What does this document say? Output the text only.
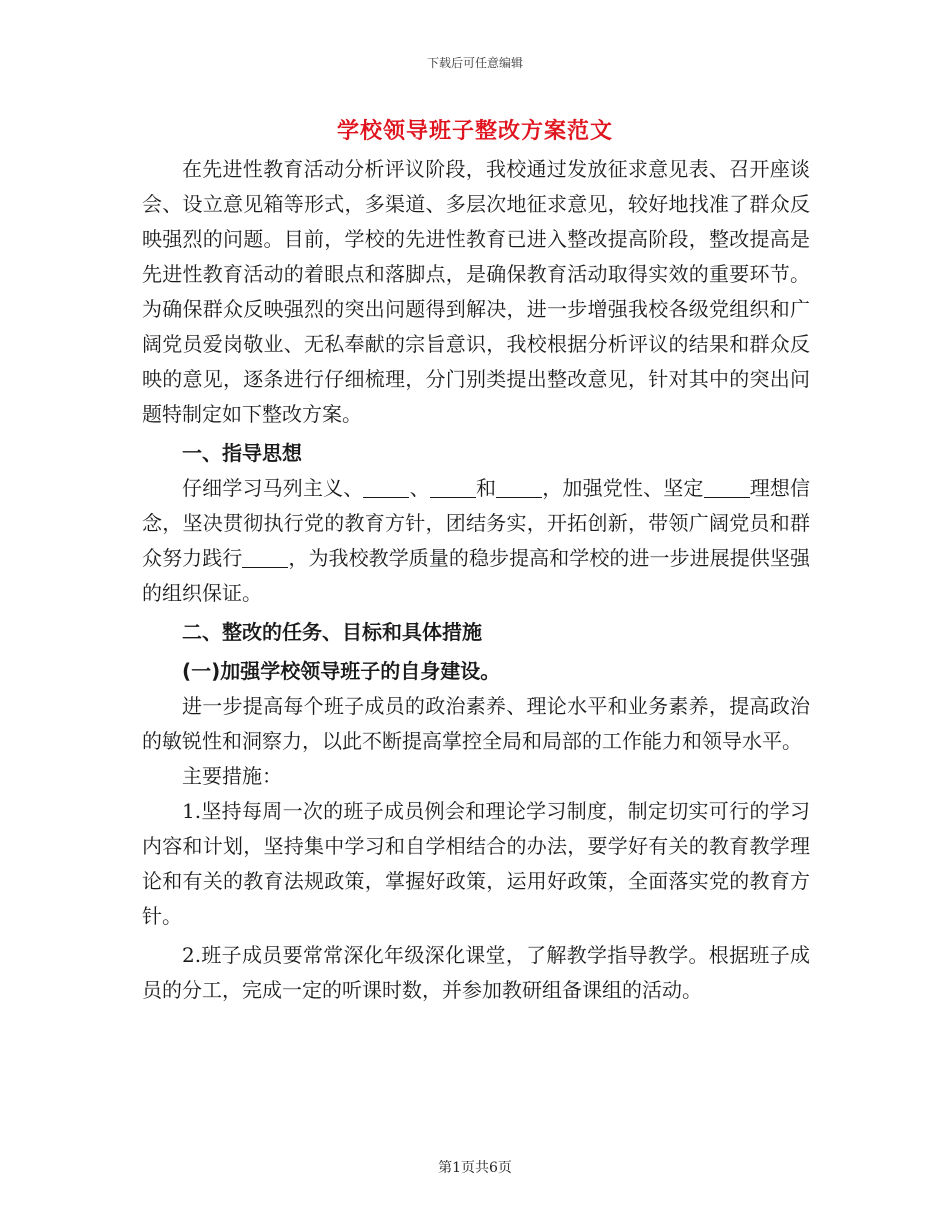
下载后可任意编辑
学校领导班子整改方案范文

在先进性教育活动分析评议阶段，我校通过发放征求意见表、召开座谈会、设立意见箱等形式，多渠道、多层次地征求意见，较好地找准了群众反映强烈的问题。目前，学校的先进性教育已进入整改提高阶段，整改提高是先进性教育活动的着眼点和落脚点，是确保教育活动取得实效的重要环节。为确保群众反映强烈的突出问题得到解决，进一步增强我校各级党组织和广阔党员爱岗敬业、无私奉献的宗旨意识，我校根据分析评议的结果和群众反映的意见，逐条进行仔细梳理，分门别类提出整改意见，针对其中的突出问题特制定如下整改方案。

一、指导思想

仔细学习马列主义、 、 和 ，加强党性、坚定 理想信念，坚决贯彻执行党的教育方针，团结务实，开拓创新，带领广阔党员和群众努力践行 ，为我校教学质量的稳步提高和学校的进一步进展提供坚强的组织保证。

二、整改的任务、目标和具体措施

(一)加强学校领导班子的自身建设。

进一步提高每个班子成员的政治素养、理论水平和业务素养，提高政治的敏锐性和洞察力，以此不断提高掌控全局和局部的工作能力和领导水平。

主要措施：

1.坚持每周一次的班子成员例会和理论学习制度，制定切实可行的学习内容和计划，坚持集中学习和自学相结合的办法，要学好有关的教育教学理论和有关的教育法规政策，掌握好政策，运用好政策，全面落实党的教育方针。

2.班子成员要常常深化年级深化课堂，了解教学指导教学。根据班子成员的分工，完成一定的听课时数，并参加教研组备课组的活动。

第1页共6页
